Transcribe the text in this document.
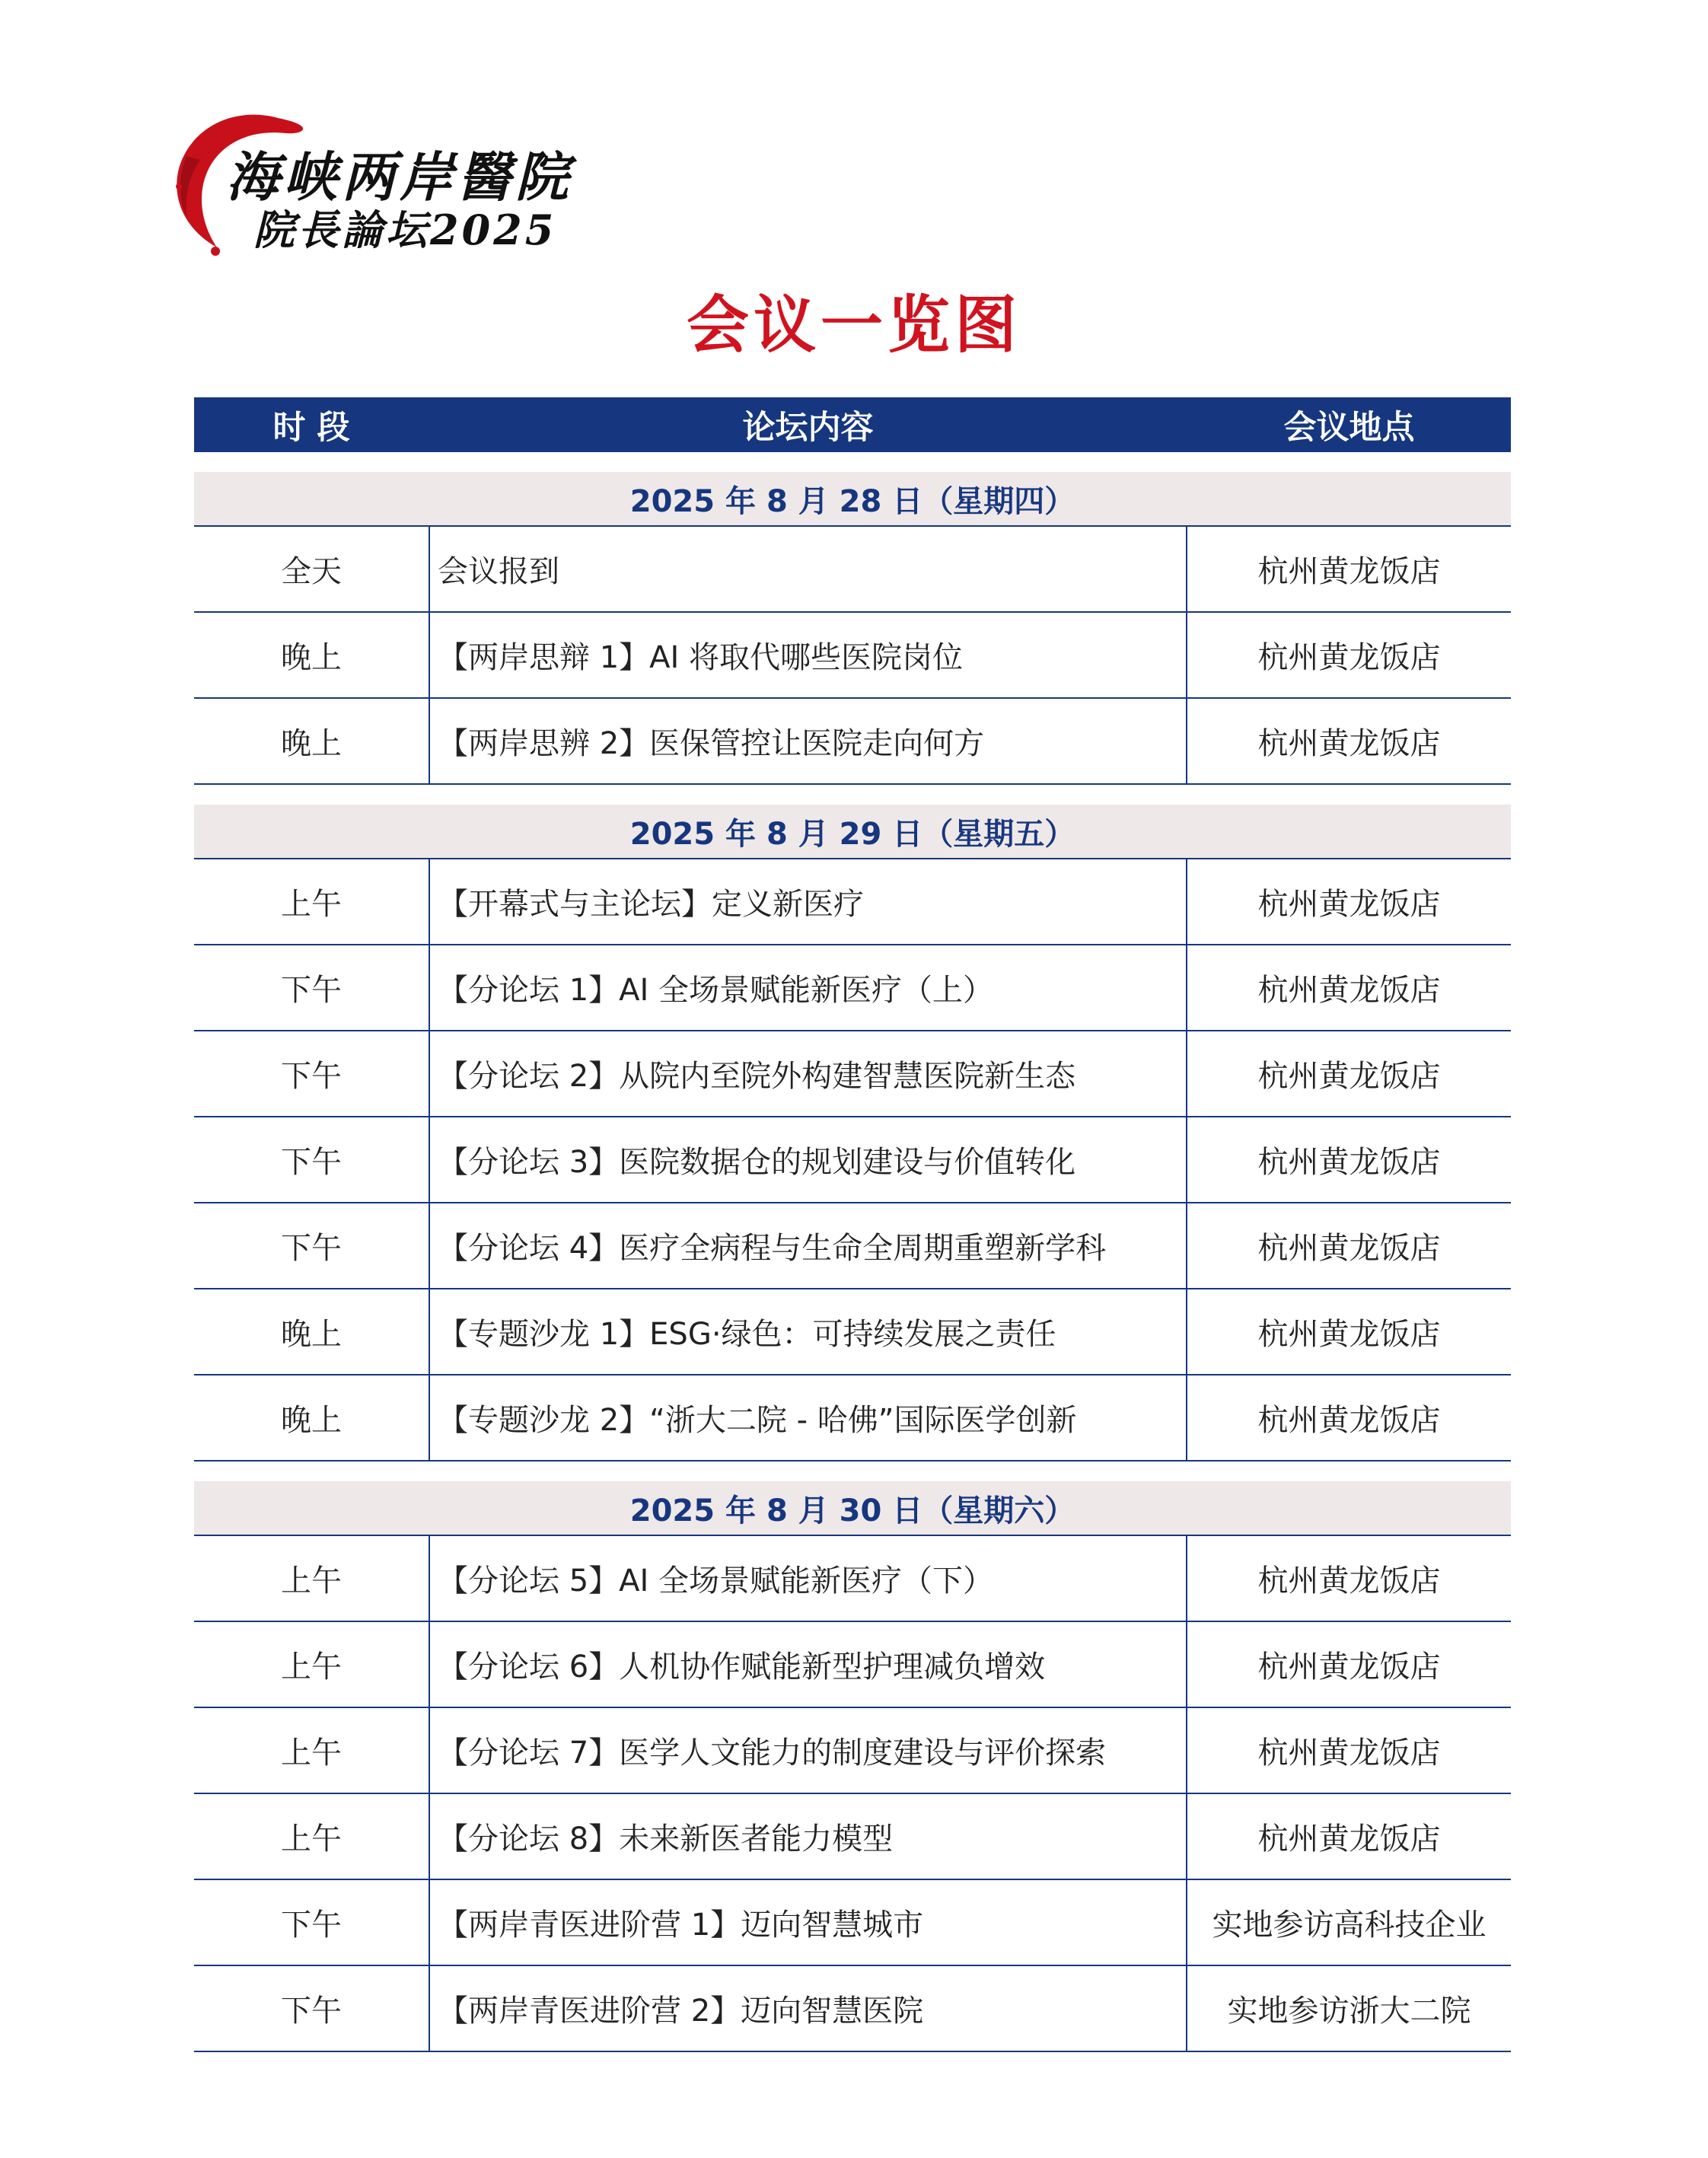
海峡两岸醫院
院長論坛2025
会议一览图
时 段	论坛内容	会议地点
2025 年 8 月 28 日（星期四）
全天	会议报到	杭州黄龙饭店
晚上	【两岸思辩 1】AI 将取代哪些医院岗位	杭州黄龙饭店
晚上	【两岸思辨 2】医保管控让医院走向何方	杭州黄龙饭店
2025 年 8 月 29 日（星期五）
上午	【开幕式与主论坛】定义新医疗	杭州黄龙饭店
下午	【分论坛 1】AI 全场景赋能新医疗（上）	杭州黄龙饭店
下午	【分论坛 2】从院内至院外构建智慧医院新生态	杭州黄龙饭店
下午	【分论坛 3】医院数据仓的规划建设与价值转化	杭州黄龙饭店
下午	【分论坛 4】医疗全病程与生命全周期重塑新学科	杭州黄龙饭店
晚上	【专题沙龙 1】ESG·绿色：可持续发展之责任	杭州黄龙饭店
晚上	【专题沙龙 2】“浙大二院 - 哈佛”国际医学创新	杭州黄龙饭店
2025 年 8 月 30 日（星期六）
上午	【分论坛 5】AI 全场景赋能新医疗（下）	杭州黄龙饭店
上午	【分论坛 6】人机协作赋能新型护理减负增效	杭州黄龙饭店
上午	【分论坛 7】医学人文能力的制度建设与评价探索	杭州黄龙饭店
上午	【分论坛 8】未来新医者能力模型	杭州黄龙饭店
下午	【两岸青医进阶营 1】迈向智慧城市	实地参访高科技企业
下午	【两岸青医进阶营 2】迈向智慧医院	实地参访浙大二院
